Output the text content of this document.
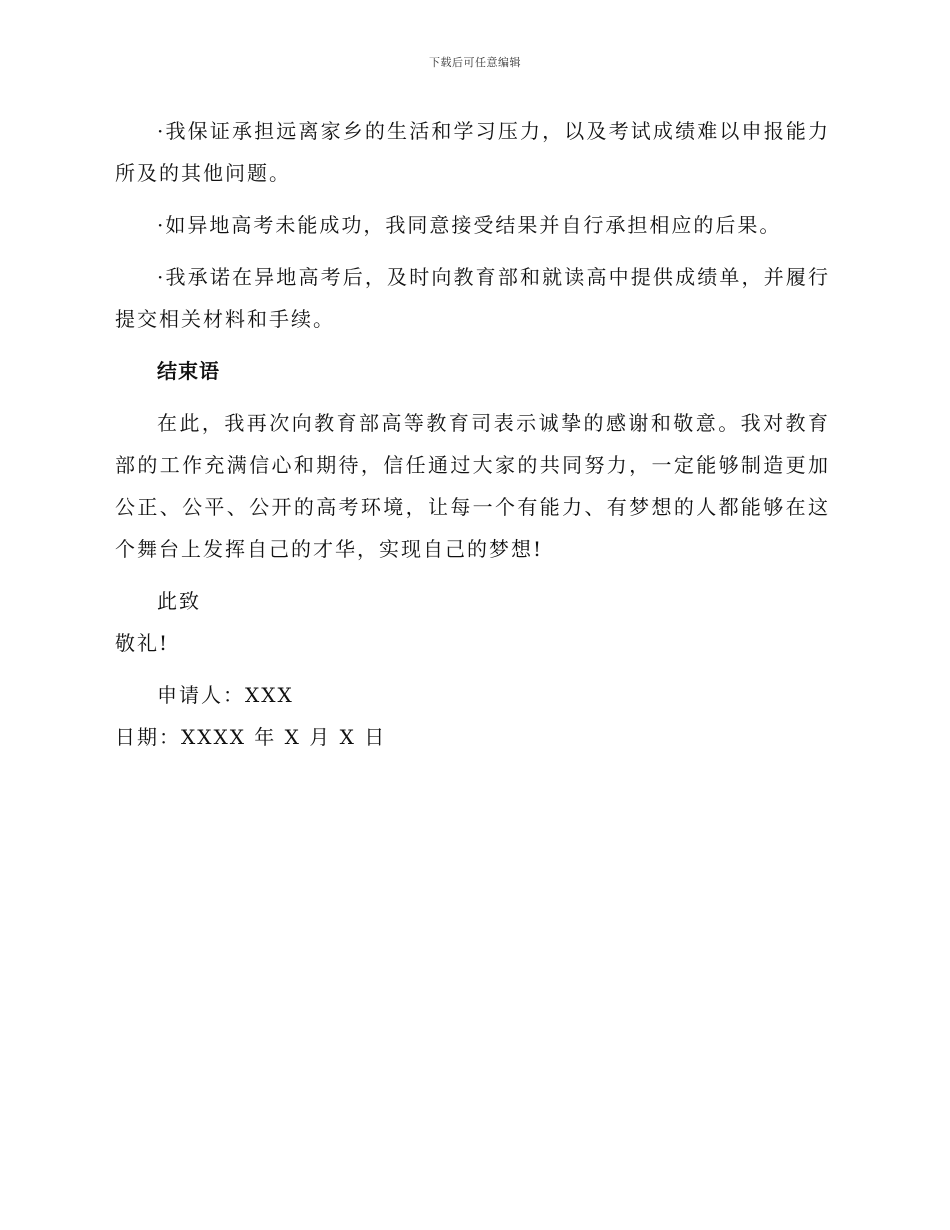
下载后可任意编辑

·我保证承担远离家乡的生活和学习压力，以及考试成绩难以申报能力所及的其他问题。

·如异地高考未能成功，我同意接受结果并自行承担相应的后果。

·我承诺在异地高考后，及时向教育部和就读高中提供成绩单，并履行提交相关材料和手续。

结束语

在此，我再次向教育部高等教育司表示诚挚的感谢和敬意。我对教育部的工作充满信心和期待，信任通过大家的共同努力，一定能够制造更加公正、公平、公开的高考环境，让每一个有能力、有梦想的人都能够在这个舞台上发挥自己的才华，实现自己的梦想!

此致

敬礼!

申请人：XXX

日期：XXXX 年 X 月 X 日
